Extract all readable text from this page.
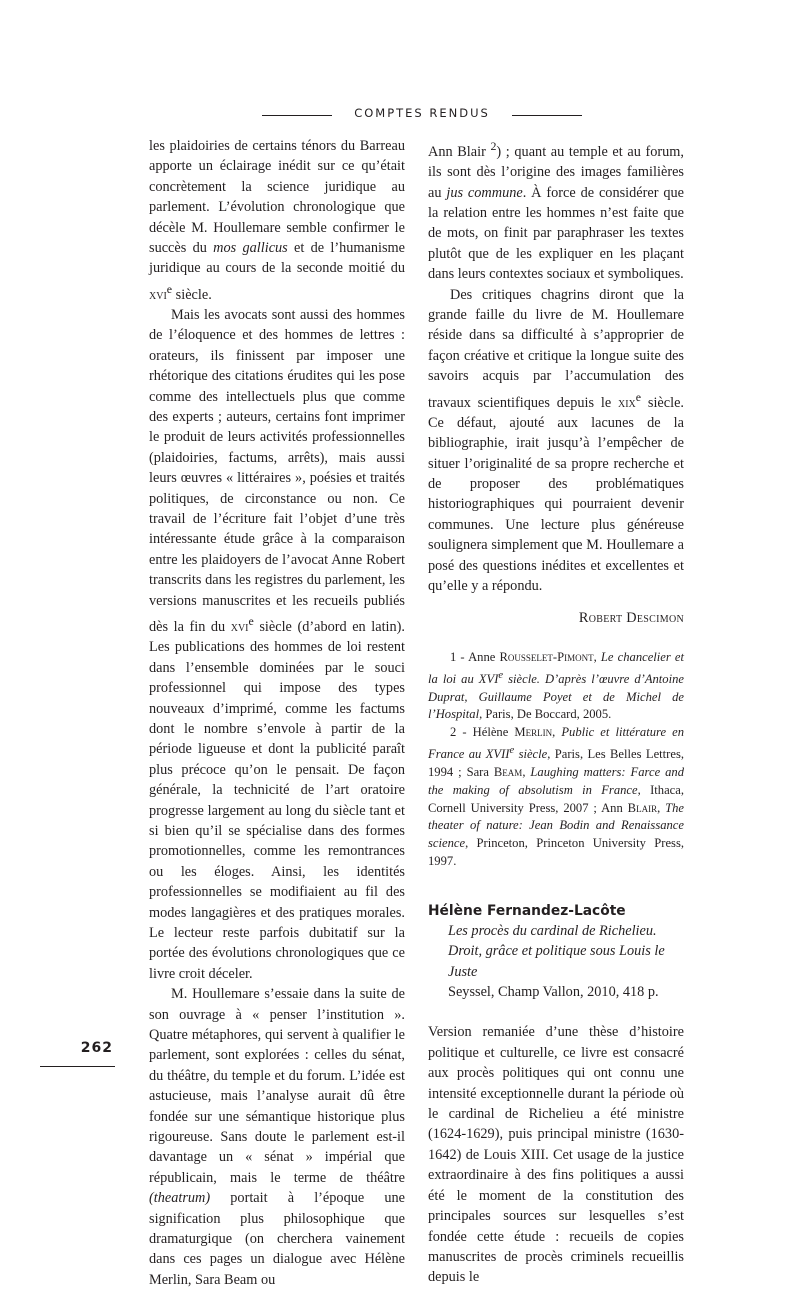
COMPTES RENDUS

les plaidoiries de certains ténors du Barreau apporte un éclairage inédit sur ce qu’était concrètement la science juridique au parlement. L’évolution chronologique que décèle M. Houllemare semble confirmer le succès du mos gallicus et de l’humanisme juridique au cours de la seconde moitié du xvi$^e$ siècle.

Mais les avocats sont aussi des hommes de l’éloquence et des hommes de lettres : orateurs, ils finissent par imposer une rhétorique des citations érudites qui les pose comme des intellectuels plus que comme des experts ; auteurs, certains font imprimer le produit de leurs activités professionnelles (plaidoiries, factums, arrêts), mais aussi leurs œuvres « littéraires », poésies et traités politiques, de circonstance ou non. Ce travail de l’écriture fait l’objet d’une très intéressante étude grâce à la comparaison entre les plaidoyers de l’avocat Anne Robert transcrits dans les registres du parlement, les versions manuscrites et les recueils publiés dès la fin du xvi$^e$ siècle (d’abord en latin). Les publications des hommes de loi restent dans l’ensemble dominées par le souci professionnel qui impose des types nouveaux d’imprimé, comme les factums dont le nombre s’envole à partir de la période ligueuse et dont la publicité paraît plus précoce qu’on le pensait. De façon générale, la technicité de l’art oratoire progresse largement au long du siècle tant et si bien qu’il se spécialise dans des formes promotionnelles, comme les remontrances ou les éloges. Ainsi, les identités professionnelles se modifiaient au fil des modes langagières et des pratiques morales. Le lecteur reste parfois dubitatif sur la portée des évolutions chronologiques que ce livre croit déceler.

M. Houllemare s’essaie dans la suite de son ouvrage à « penser l’institution ». Quatre métaphores, qui servent à qualifier le parlement, sont explorées : celles du sénat, du théâtre, du temple et du forum. L’idée est astucieuse, mais l’analyse aurait dû être fondée sur une sémantique historique plus rigoureuse. Sans doute le parlement est-il davantage un « sénat » impérial que républicain, mais le terme de théâtre (theatrum) portait à l’époque une signification plus philosophique que dramaturgique (on cherchera vainement dans ces pages un dialogue avec Hélène Merlin, Sara Beam ou

Ann Blair $^2$) ; quant au temple et au forum, ils sont dès l’origine des images familières au jus commune. À force de considérer que la relation entre les hommes n’est faite que de mots, on finit par paraphraser les textes plutôt que de les expliquer en les plaçant dans leurs contextes sociaux et symboliques.

Des critiques chagrins diront que la grande faille du livre de M. Houllemare réside dans sa difficulté à s’approprier de façon créative et critique la longue suite des savoirs acquis par l’accumulation des travaux scientifiques depuis le xix$^e$ siècle. Ce défaut, ajouté aux lacunes de la bibliographie, irait jusqu’à l’empêcher de situer l’originalité de sa propre recherche et de proposer des problématiques historiographiques qui pourraient devenir communes. Une lecture plus généreuse soulignera simplement que M. Houllemare a posé des questions inédites et excellentes et qu’elle y a répondu.

Robert Descimon

1 - Anne Rousselet-Pimont, Le chancelier et la loi au XVIe siècle. D’après l’œuvre d’Antoine Duprat, Guillaume Poyet et de Michel de l’Hospital, Paris, De Boccard, 2005.

2 - Hélène Merlin, Public et littérature en France au XVIIe siècle, Paris, Les Belles Lettres, 1994 ; Sara Beam, Laughing matters: Farce and the making of absolutism in France, Ithaca, Cornell University Press, 2007 ; Ann Blair, The theater of nature: Jean Bodin and Renaissance science, Princeton, Princeton University Press, 1997.

Hélène Fernandez-Lacôte

Les procès du cardinal de Richelieu.

Droit, grâce et politique sous Louis le Juste

Seyssel, Champ Vallon, 2010, 418 p.

Version remaniée d’une thèse d’histoire politique et culturelle, ce livre est consacré aux procès politiques qui ont connu une intensité exceptionnelle durant la période où le cardinal de Richelieu a été ministre (1624-1629), puis principal ministre (1630-1642) de Louis XIII. Cet usage de la justice extraordinaire à des fins politiques a aussi été le moment de la constitution des principales sources sur lesquelles s’est fondée cette étude : recueils de copies manuscrites de procès criminels recueillis depuis le

262
